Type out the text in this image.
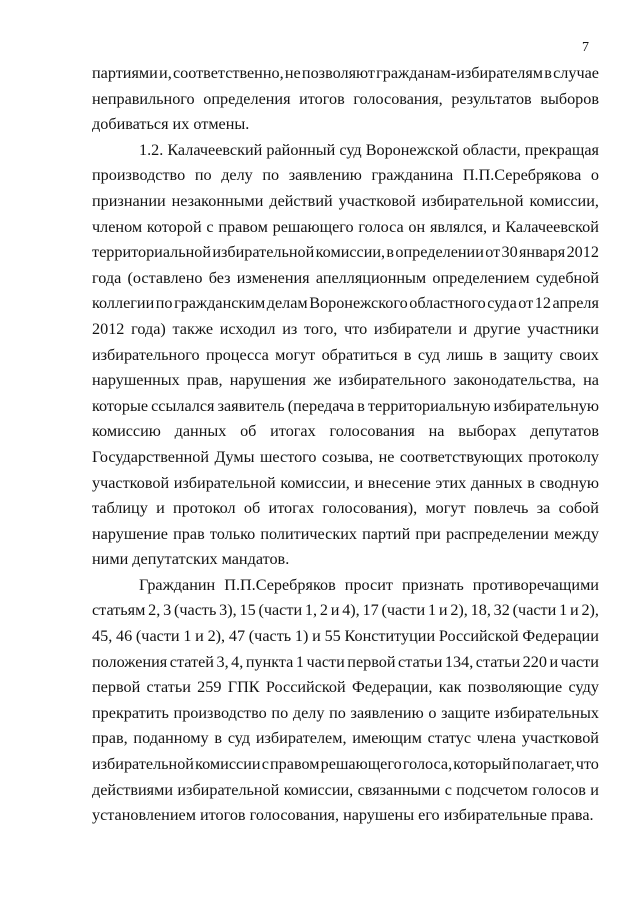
7
партиями и, соответственно, не позволяют гражданам-избирателям в случае
неправильного определения итогов голосования, результатов выборов
добиваться их отмены.
1.2. Калачеевский районный суд Воронежской области, прекращая
производство по делу по заявлению гражданина П.П.Серебрякова о
признании незаконными действий участковой избирательной комиссии,
членом которой с правом решающего голоса он являлся, и Калачеевской
территориальной избирательной комиссии, в определении от 30 января 2012
года (оставлено без изменения апелляционным определением судебной
коллегии по гражданским делам Воронежского областного суда от 12 апреля
2012 года) также исходил из того, что избиратели и другие участники
избирательного процесса могут обратиться в суд лишь в защиту своих
нарушенных прав, нарушения же избирательного законодательства, на
которые ссылался заявитель (передача в территориальную избирательную
комиссию данных об итогах голосования на выборах депутатов
Государственной Думы шестого созыва, не соответствующих протоколу
участковой избирательной комиссии, и внесение этих данных в сводную
таблицу и протокол об итогах голосования), могут повлечь за собой
нарушение прав только политических партий при распределении между
ними депутатских мандатов.
Гражданин П.П.Серебряков просит признать противоречащими
статьям 2, 3 (часть 3), 15 (части 1, 2 и 4), 17 (части 1 и 2), 18, 32 (части 1 и 2),
45, 46 (части 1 и 2), 47 (часть 1) и 55 Конституции Российской Федерации
положения статей 3, 4, пункта 1 части первой статьи 134, статьи 220 и части
первой статьи 259 ГПК Российской Федерации, как позволяющие суду
прекратить производство по делу по заявлению о защите избирательных
прав, поданному в суд избирателем, имеющим статус члена участковой
избирательной комиссии с правом решающего голоса, который полагает, что
действиями избирательной комиссии, связанными с подсчетом голосов и
установлением итогов голосования, нарушены его избирательные права.
